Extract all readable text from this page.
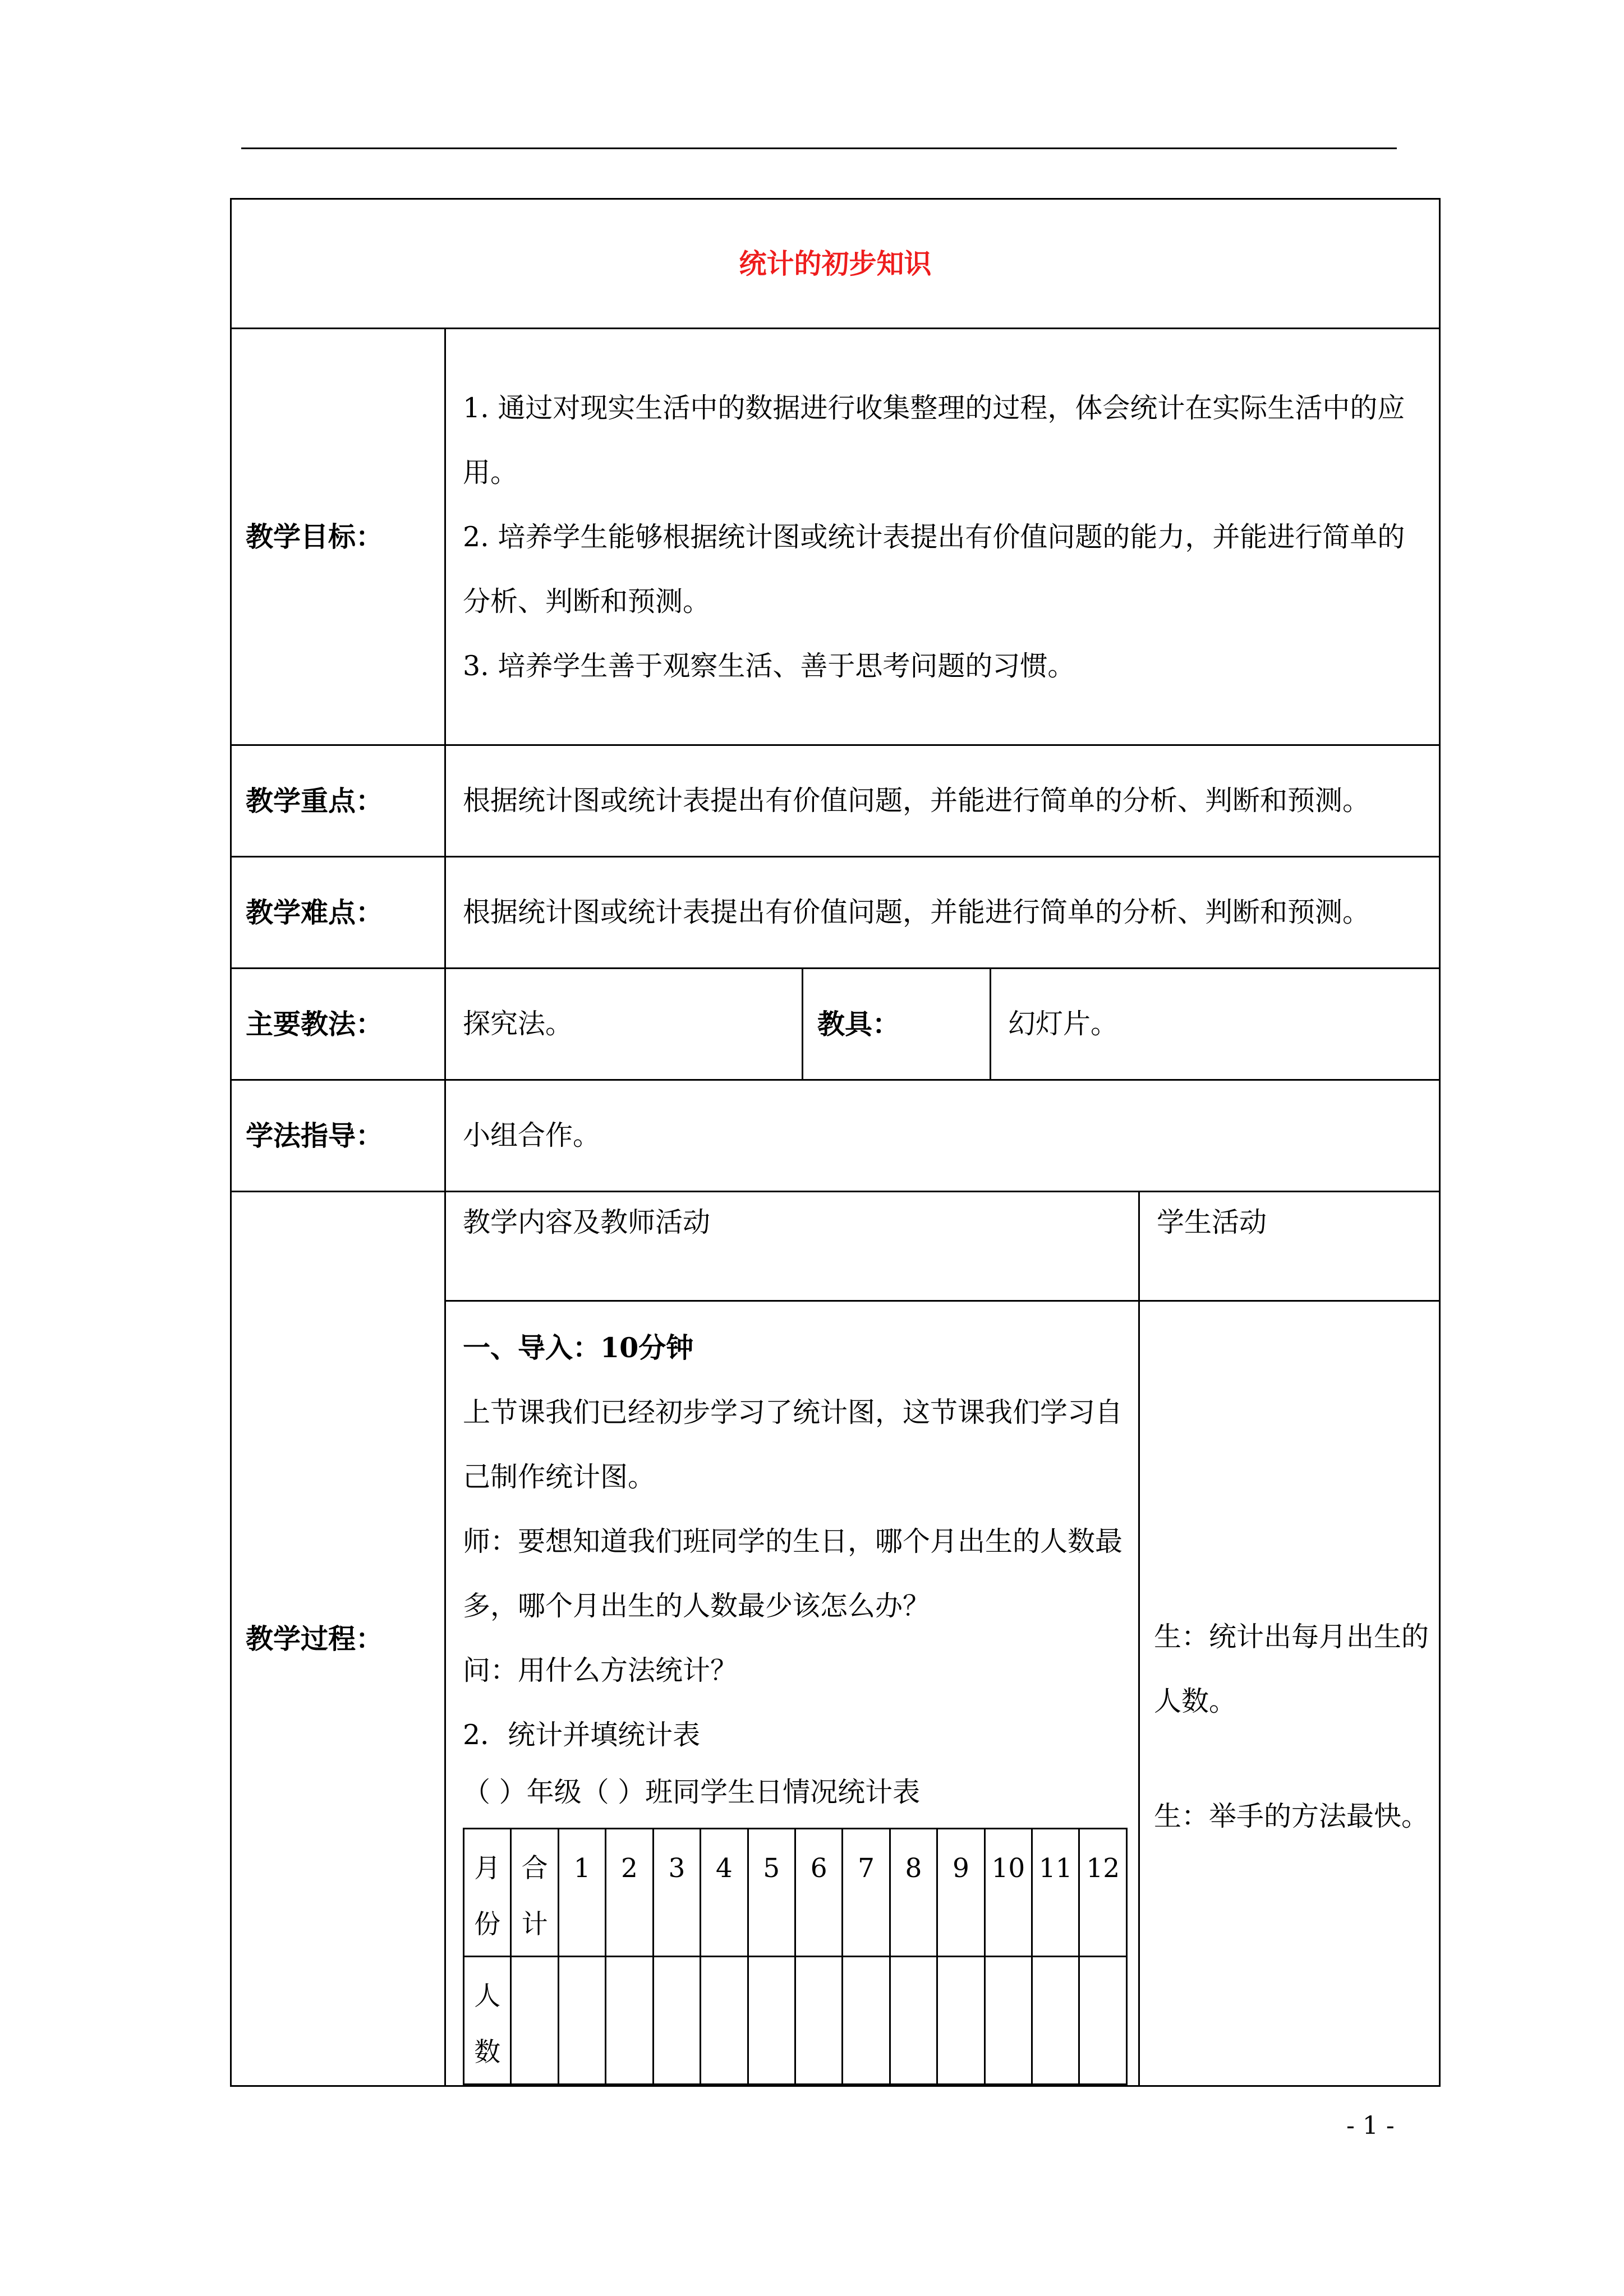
统计的初步知识
教学目标：	

1. 通过对现实生活中的数据进行收集整理的过程，体会统计在实际生活中的应用。

2. 培养学生能够根据统计图或统计表提出有价值问题的能力，并能进行简单的分析、判断和预测。

3. 培养学生善于观察生活、善于思考问题的习惯。

教学重点：	根据统计图或统计表提出有价值问题，并能进行简单的分析、判断和预测。
教学难点：	根据统计图或统计表提出有价值问题，并能进行简单的分析、判断和预测。
主要教法：	探究法。	教具：	幻灯片。
学法指导：	小组合作。
教学过程：	教学内容及教师活动	学生活动

一、导入：10分钟

上节课我们已经初步学习了统计图，这节课我们学习自己制作统计图。

师：要想知道我们班同学的生日，哪个月出生的人数最多，哪个月出生的人数最少该怎么办？

问：用什么方法统计？

2．统计并填统计表

（ ）年级（ ）班同学生日情况统计表

月份	合计	1	2	3	4	5	6	7	8	9	10	11	12
人数													

生：统计出每月出生的人数。

生：举手的方法最快。

- 1 -
